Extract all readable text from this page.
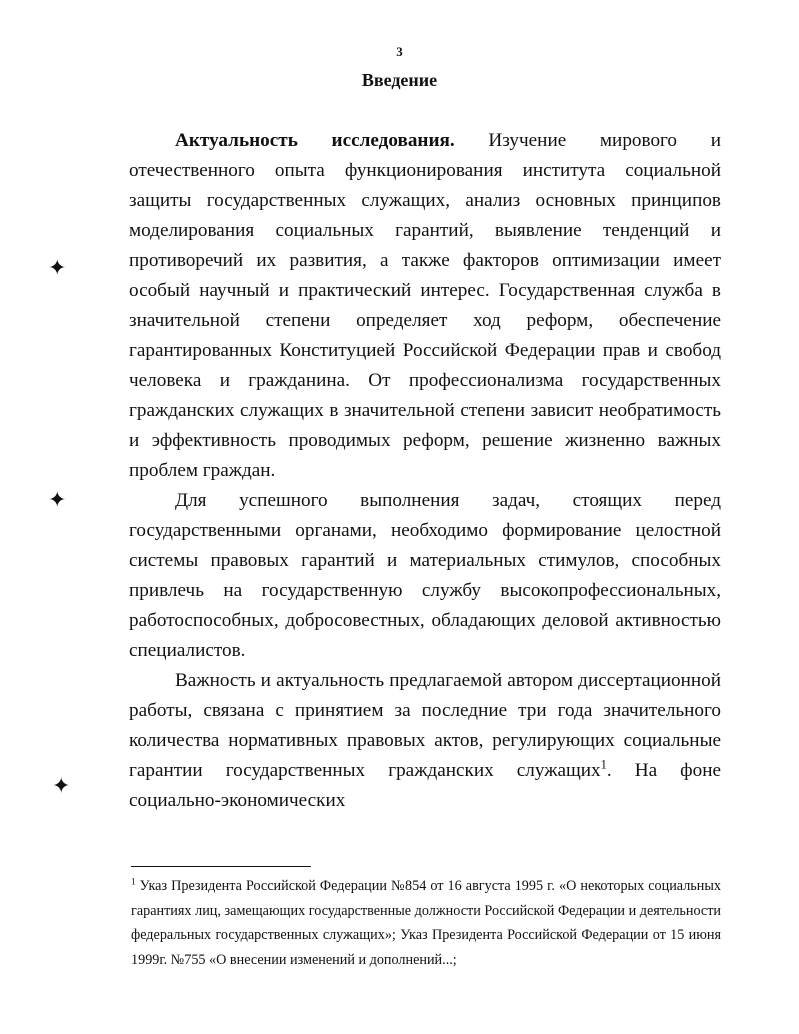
3
Введение

Актуальность исследования. Изучение мирового и отечественного опыта функционирования института социальной защиты государственных служащих, анализ основных принципов моделирования социальных гарантий, выявление тенденций и противоречий их развития, а также факторов оптимизации имеет особый научный и практический интерес. Государственная служба в значительной степени определяет ход реформ, обеспечение гарантированных Конституцией Российской Федерации прав и свобод человека и гражданина. От профессионализма государственных гражданских служащих в значительной степени зависит необратимость и эффективность проводимых реформ, решение жизненно важных проблем граждан.

Для успешного выполнения задач, стоящих перед государственными органами, необходимо формирование целостной системы правовых гарантий и материальных стимулов, способных привлечь на государственную службу высокопрофессиональных, работоспособных, добросовестных, обладающих деловой активностью специалистов.

Важность и актуальность предлагаемой автором диссертационной работы, связана с принятием за последние три года значительного количества нормативных правовых актов, регулирующих социальные гарантии государственных гражданских служащих$^1$. На фоне социально-экономических

$^1$ Указ Президента Российской Федерации №854 от 16 августа 1995 г. «О некоторых социальных гарантиях лиц, замещающих государственные должности Российской Федерации и деятельности федеральных государственных служащих»; Указ Президента Российской Федерации от 15 июня 1999г. №755 «О внесении изменений и дополнений...;

✦
✦
✦
